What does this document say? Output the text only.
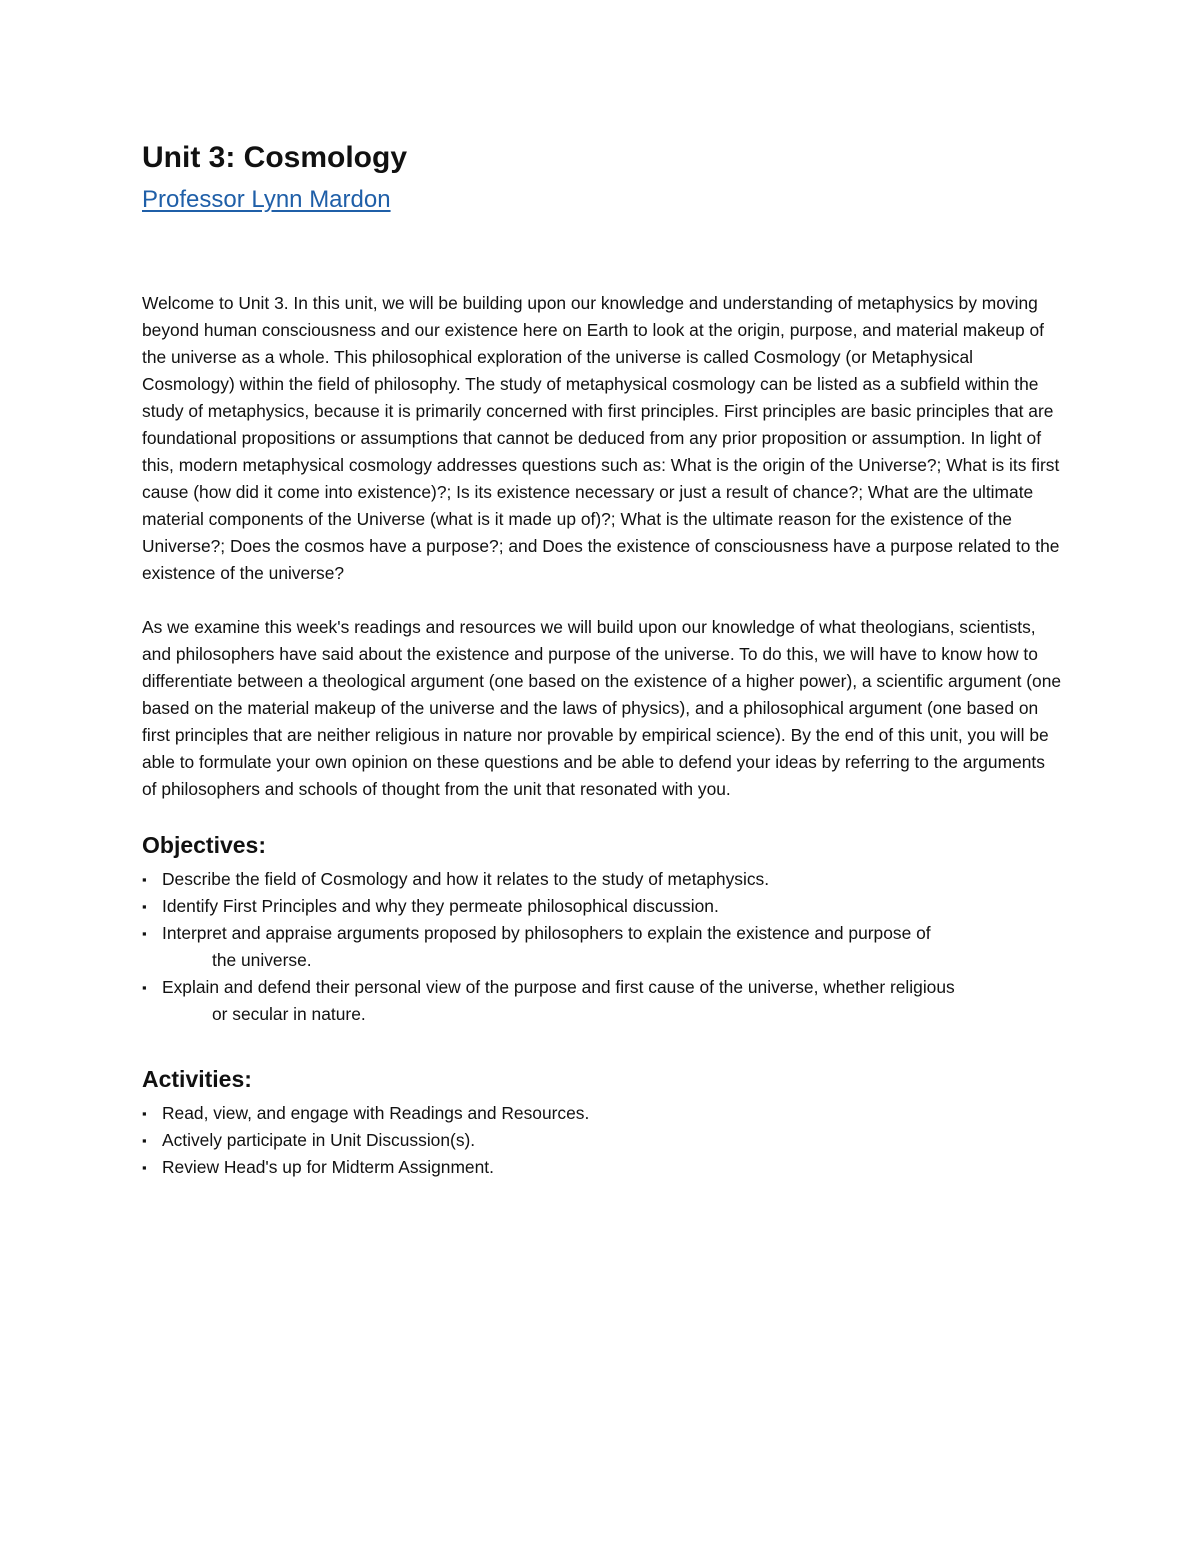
Unit 3: Cosmology
Professor Lynn Mardon

Welcome to Unit 3. In this unit, we will be building upon our knowledge and understanding of metaphysics by moving beyond human consciousness and our existence here on Earth to look at the origin, purpose, and material makeup of the universe as a whole. This philosophical exploration of the universe is called Cosmology (or Metaphysical Cosmology) within the field of philosophy. The study of metaphysical cosmology can be listed as a subfield within the study of metaphysics, because it is primarily concerned with first principles. First principles are basic principles that are foundational propositions or assumptions that cannot be deduced from any prior proposition or assumption. In light of this, modern metaphysical cosmology addresses questions such as: What is the origin of the Universe?; What is its first cause (how did it come into existence)?; Is its existence necessary or just a result of chance?; What are the ultimate material components of the Universe (what is it made up of)?; What is the ultimate reason for the existence of the Universe?; Does the cosmos have a purpose?; and Does the existence of consciousness have a purpose related to the existence of the universe?

As we examine this week's readings and resources we will build upon our knowledge of what theologians, scientists, and philosophers have said about the existence and purpose of the universe. To do this, we will have to know how to differentiate between a theological argument (one based on the existence of a higher power), a scientific argument (one based on the material makeup of the universe and the laws of physics), and a philosophical argument (one based on first principles that are neither religious in nature nor provable by empirical science). By the end of this unit, you will be able to formulate your own opinion on these questions and be able to defend your ideas by referring to the arguments of philosophers and schools of thought from the unit that resonated with you.

Objectives:
▪ Describe the field of Cosmology and how it relates to the study of metaphysics.
▪ Identify First Principles and why they permeate philosophical discussion.
▪ Interpret and appraise arguments proposed by philosophers to explain the existence and purpose of
the universe.
▪ Explain and defend their personal view of the purpose and first cause of the universe, whether religious
or secular in nature.
Activities:
▪ Read, view, and engage with Readings and Resources.
▪ Actively participate in Unit Discussion(s).
▪ Review Head's up for Midterm Assignment.
